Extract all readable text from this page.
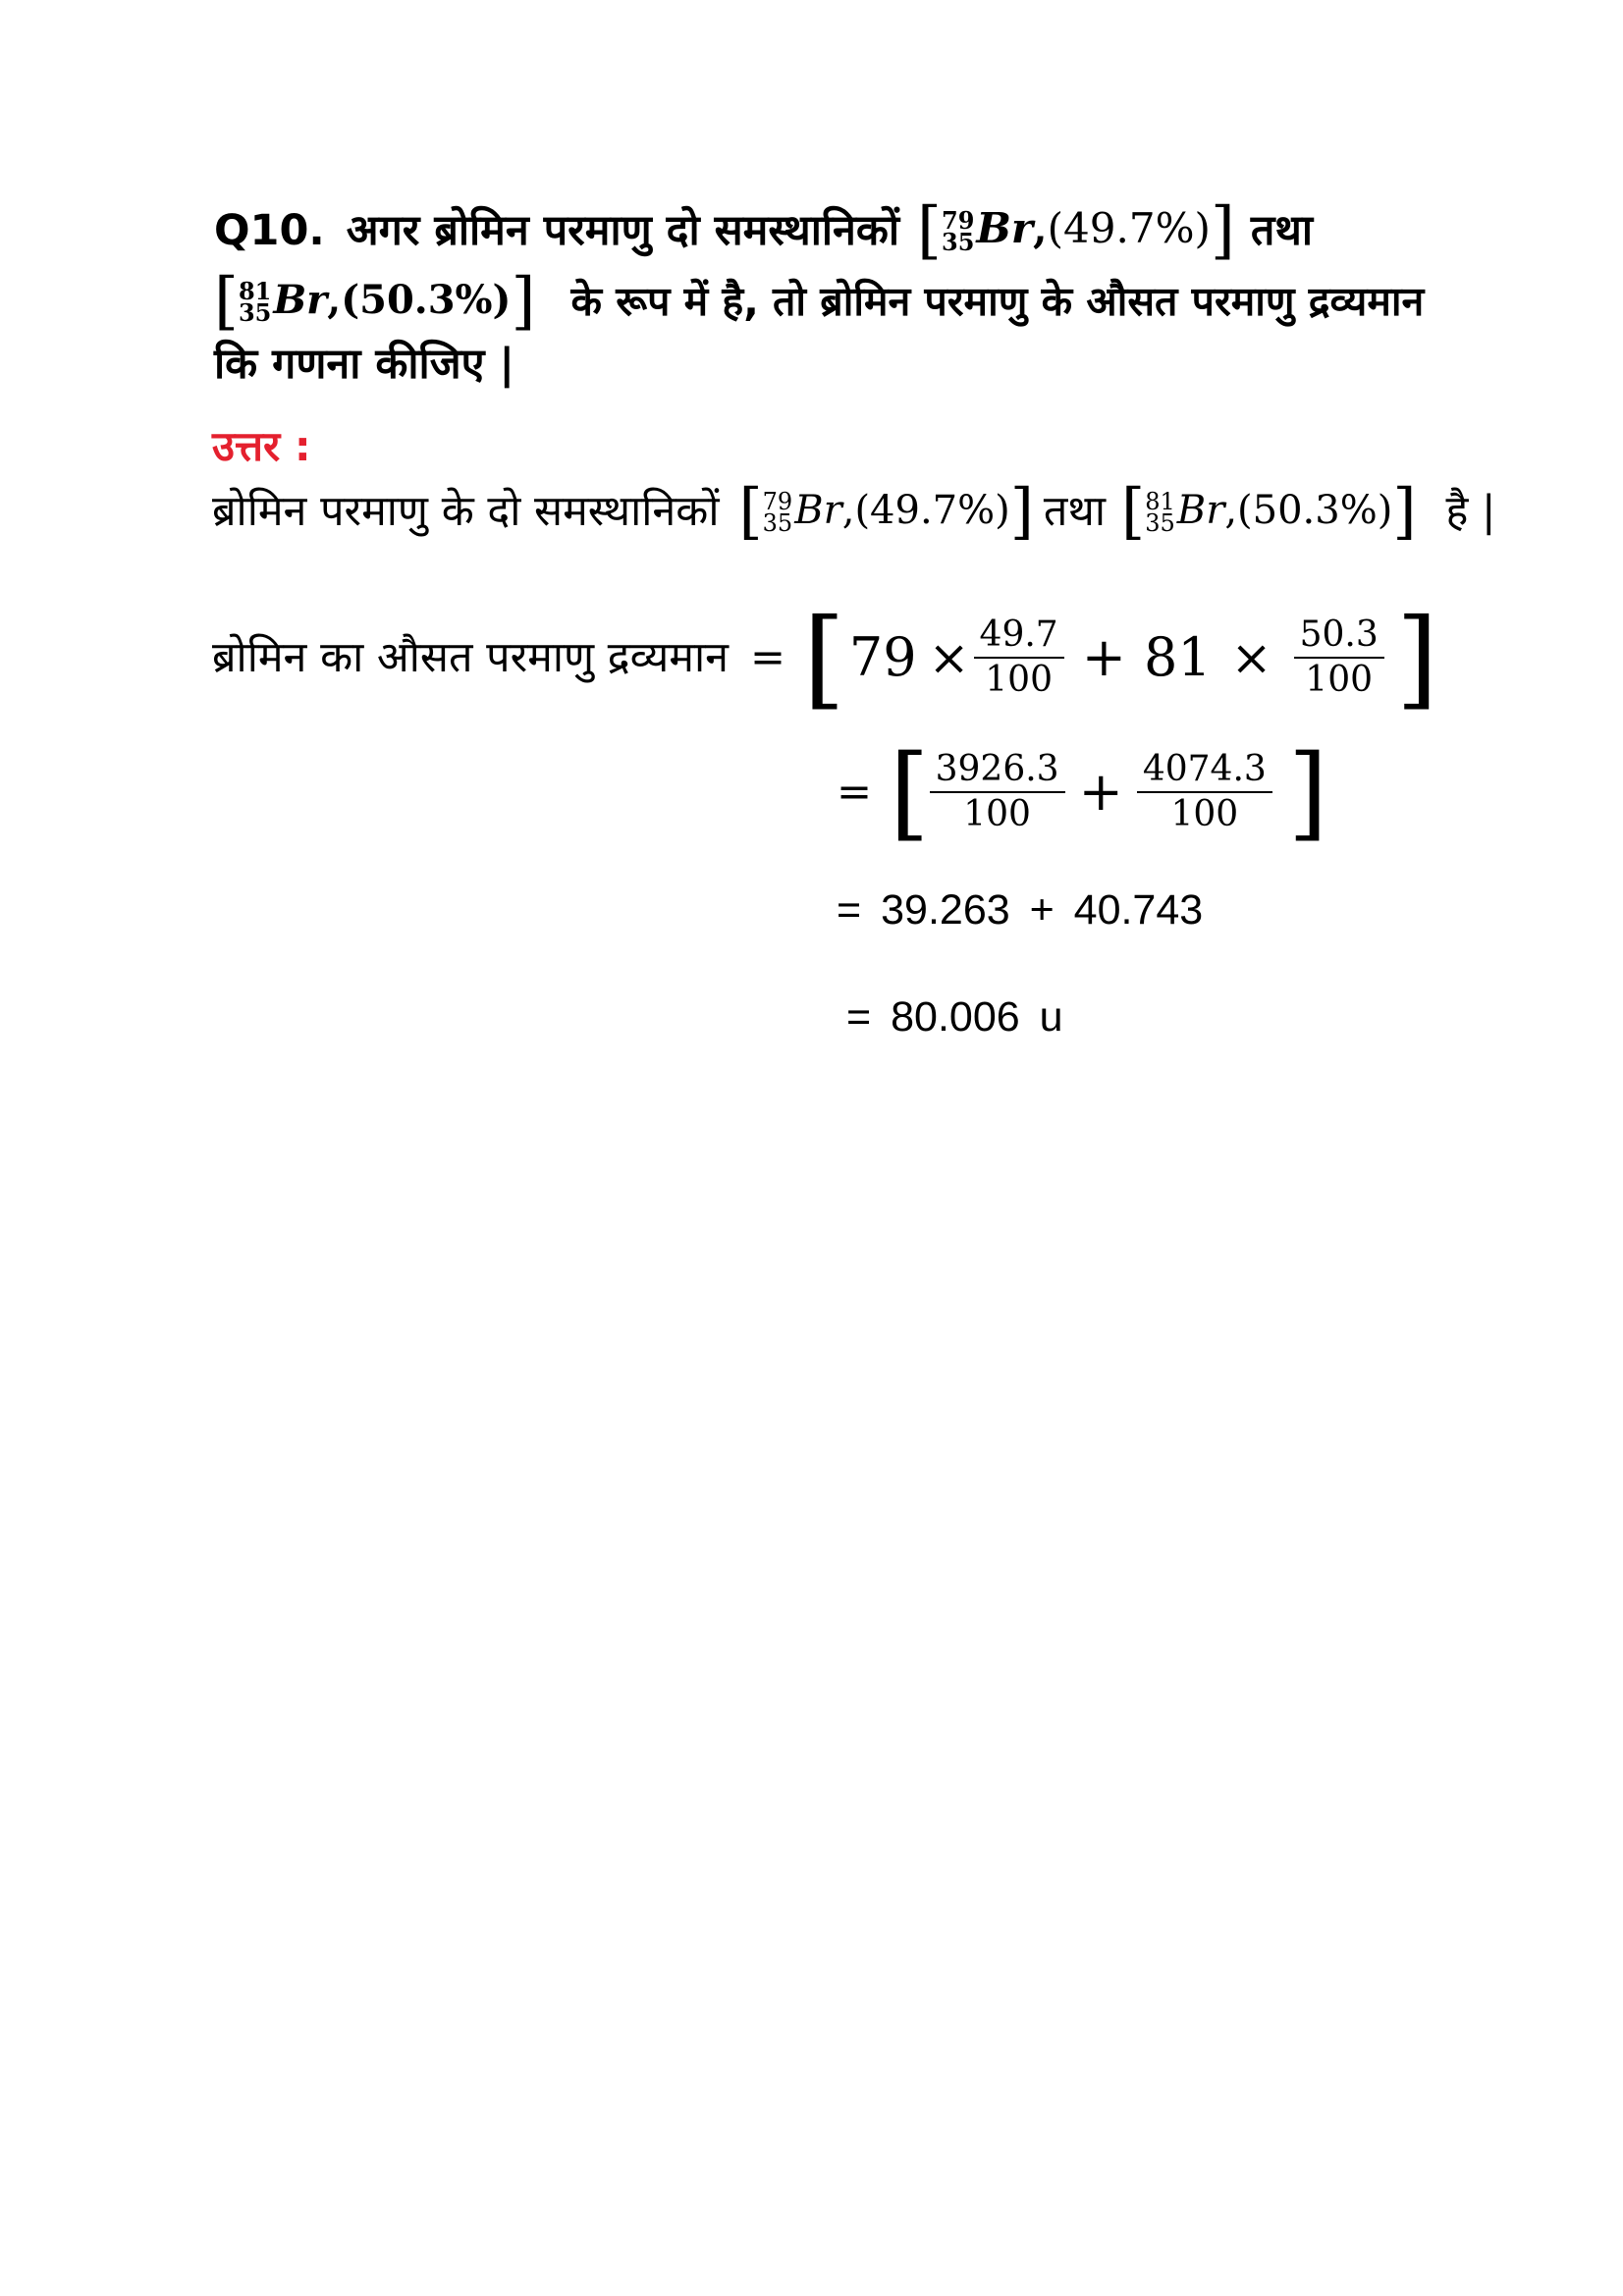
Q10. अगर ब्रोमिन परमाणु दो समस्थानिकों [ 79
35 Br,(49.7%) ] तथा
[ 81
35 Br,(50.3%) ] के रूप में है, तो ब्रोमिन परमाणु के औसत परमाणु द्रव्यमान
कि गणना कीजिए |
उत्तर :
ब्रोमिन परमाणु के दो समस्थानिकों [ 79
35 Br,(49.7%) ] तथा [ 81
35 Br,(50.3%) ] है |
ब्रोमिन का औसत परमाणु द्रव्यमान = [ $79 \times \frac{49.7}{100} + 81 \times \frac{50.3}{100}$ ]
= [ $\frac{3926.3}{100} + \frac{4074.3}{100}$ ]
= 39.263 + 40.743
= 80.006 u
